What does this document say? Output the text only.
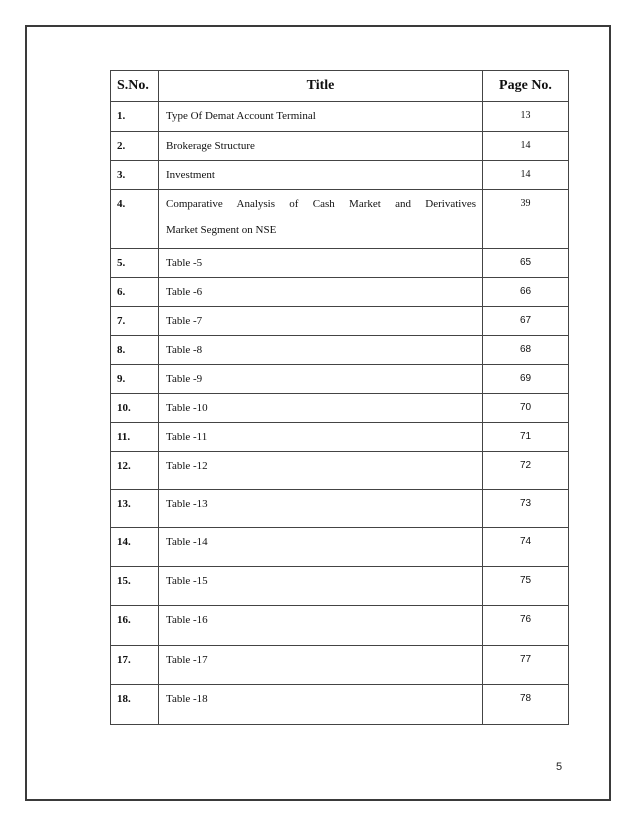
S.No.	Title	Page No.
1.	Type Of Demat Account Terminal	13
2.	Brokerage Structure	14
3.	Investment	14
4.	Comparative Analysis of Cash Market and Derivatives
Market Segment on NSE	39
5.	Table -5	65
6.	Table -6	66
7.	Table -7	67
8.	Table -8	68
9.	Table -9	69
10.	Table -10	70
11.	Table -11	71
12.	Table -12	72
13.	Table -13	73
14.	Table -14	74
15.	Table -15	75
16.	Table -16	76
17.	Table -17	77
18.	Table -18	78
5
